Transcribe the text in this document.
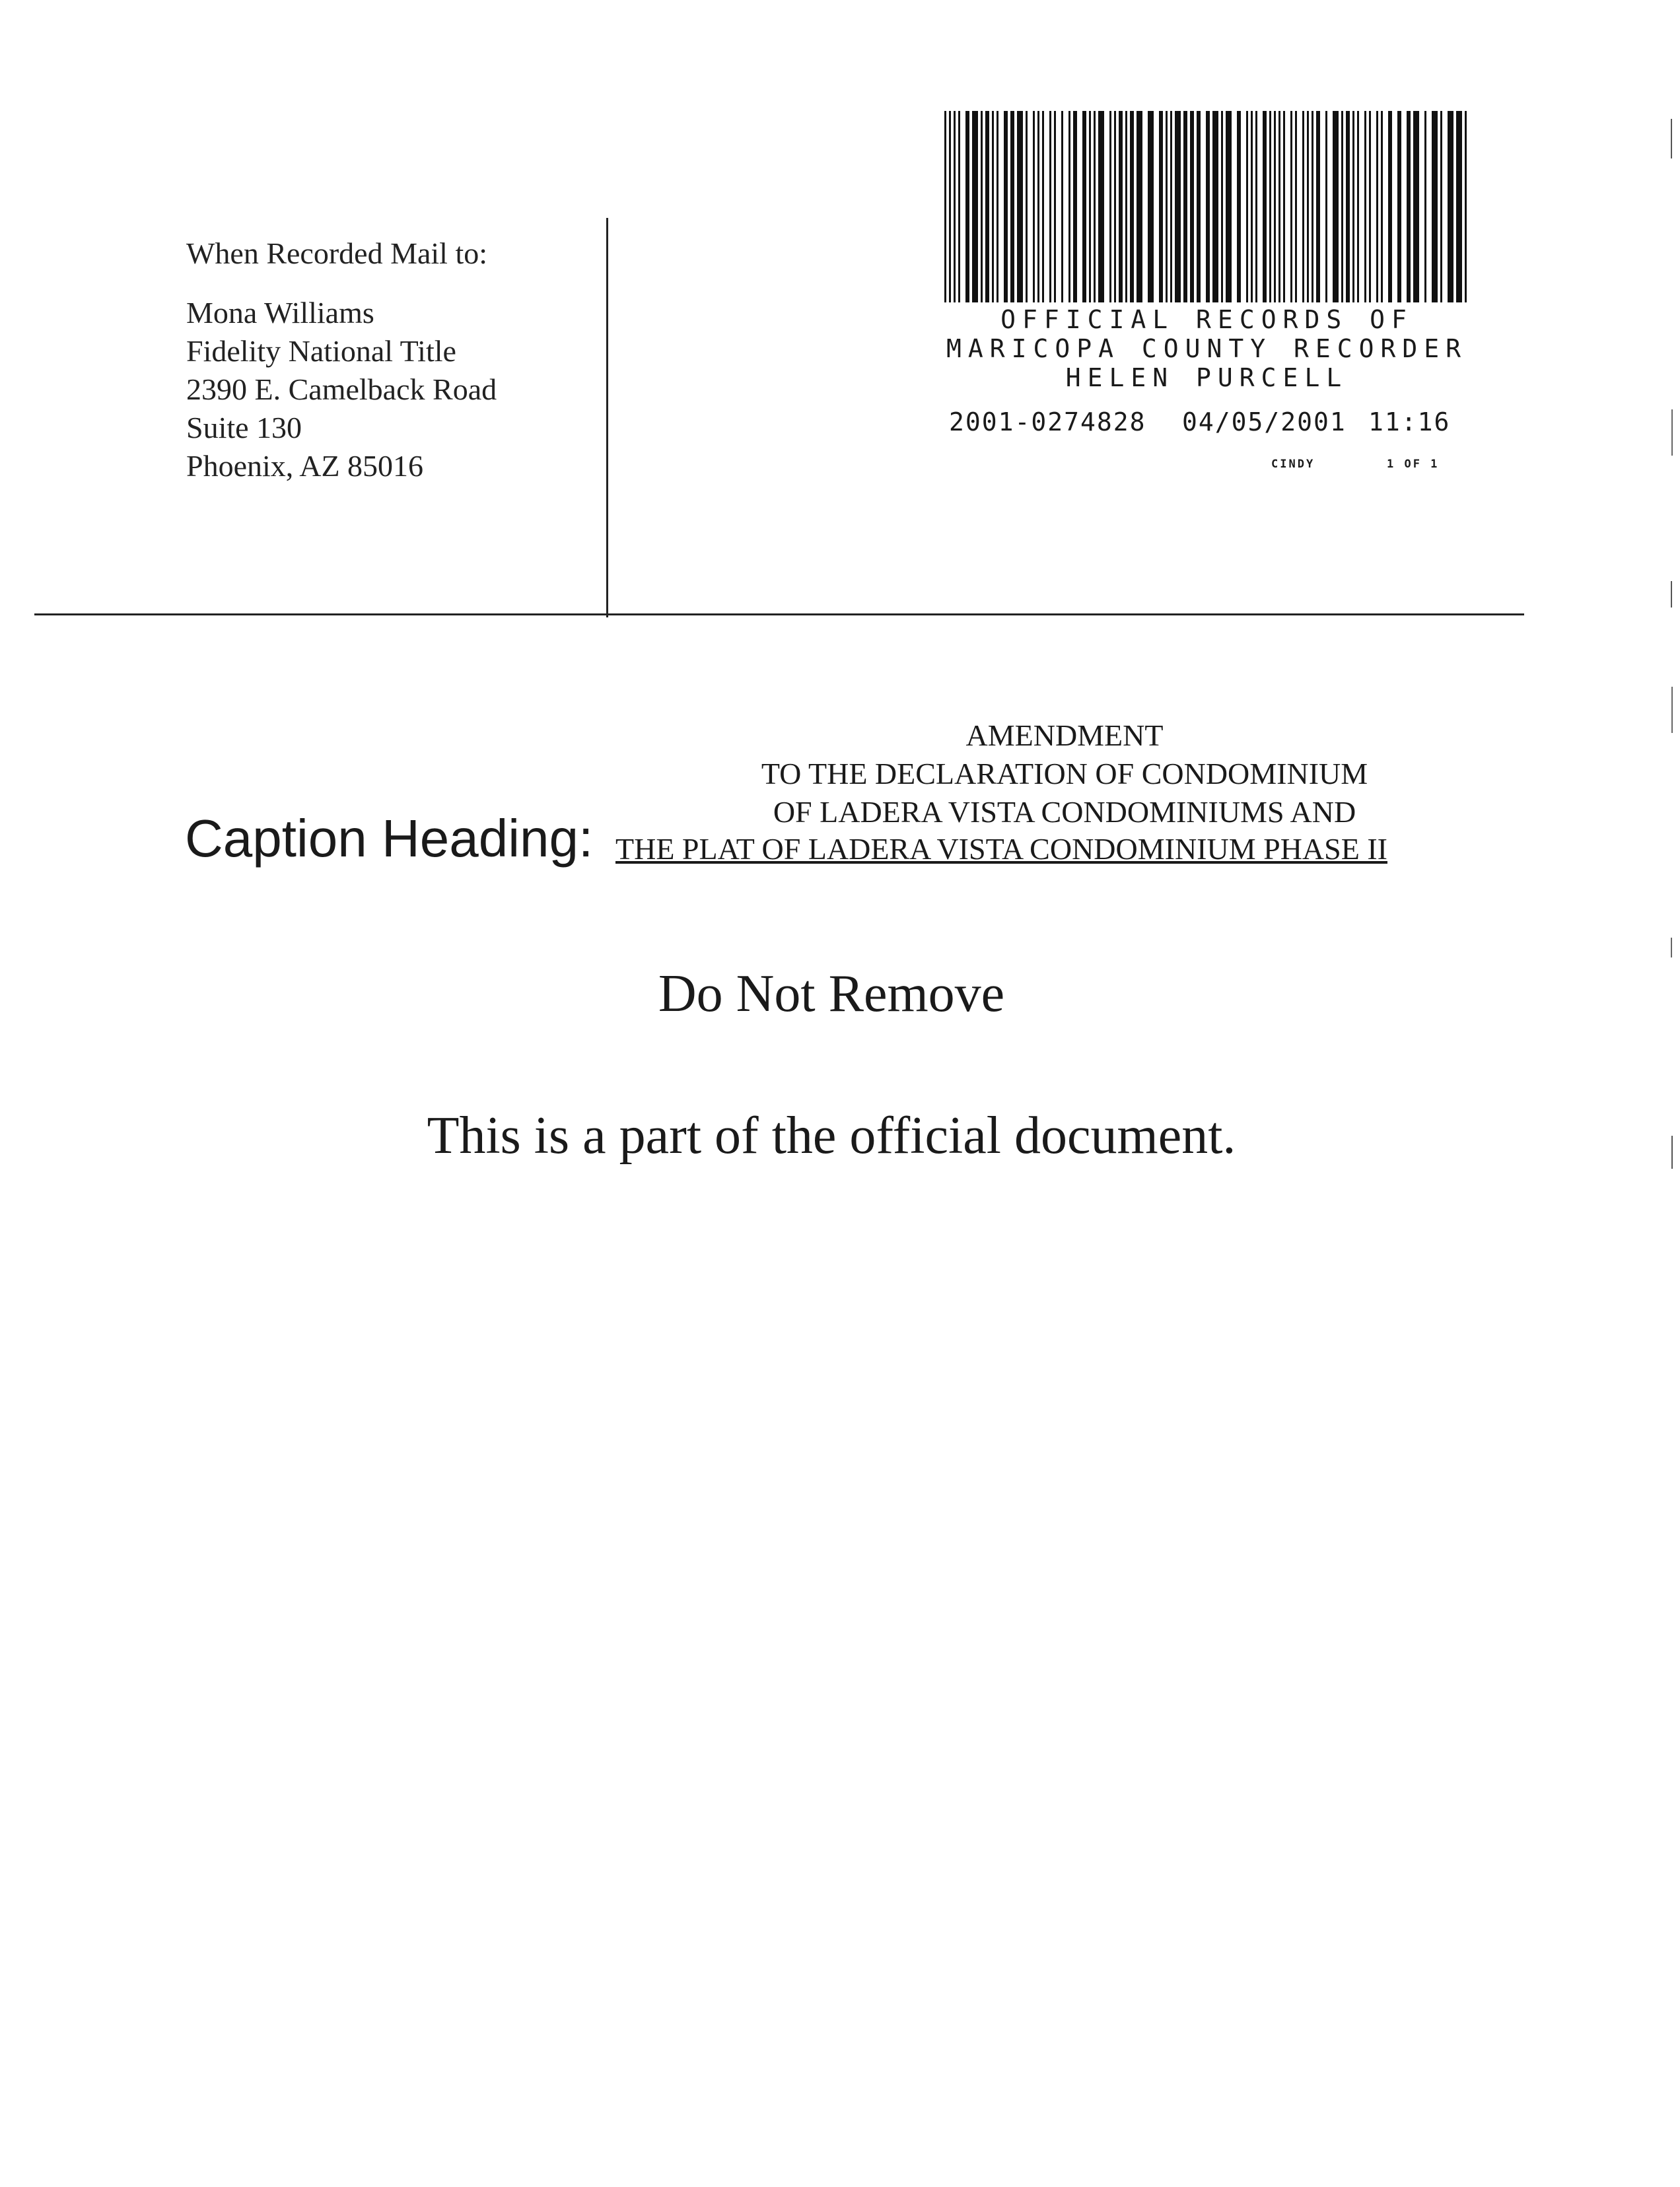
When Recorded Mail to:
Mona Williams
Fidelity National Title
2390 E. Camelback Road
Suite 130
Phoenix, AZ 85016
OFFICIAL RECORDS OF
MARICOPA COUNTY RECORDER
HELEN PURCELL
2001-0274828 04/05/2001 11:16
CINDY	1 OF 1
AMENDMENT
TO THE DECLARATION OF CONDOMINIUM
OF LADERA VISTA CONDOMINIUMS AND
Caption Heading: THE PLAT OF LADERA VISTA CONDOMINIUM PHASE II
Do Not Remove
This is a part of the official document.
